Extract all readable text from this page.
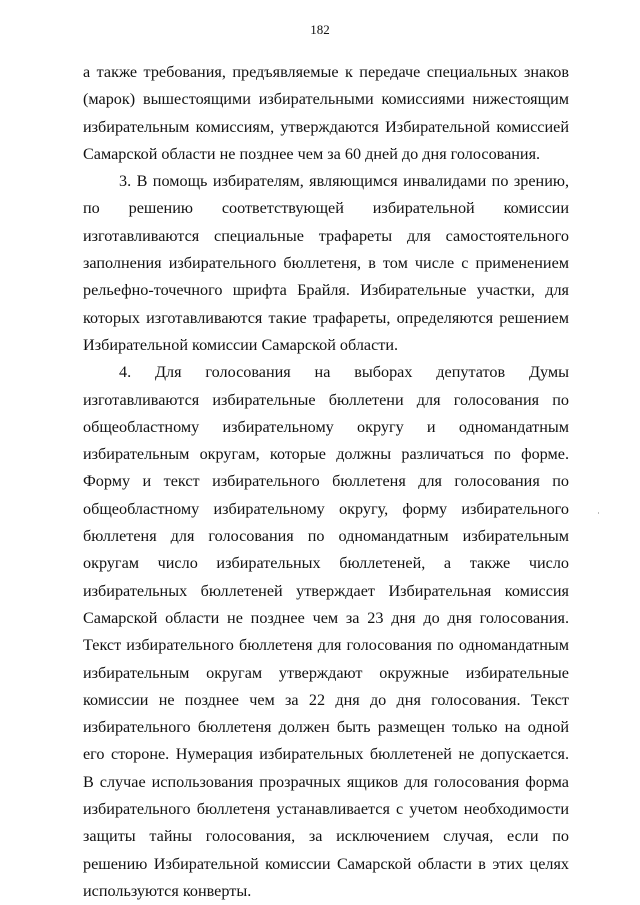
182

а также требования, предъявляемые к передаче специальных знаков (марок) вышестоящими избирательными комиссиями нижестоящим избирательным комиссиям, утверждаются Избирательной комиссией Самарской области не позднее чем за 60 дней до дня голосования.

3. В помощь избирателям, являющимся инвалидами по зрению, по решению соответствующей избирательной комиссии изготавливаются специальные трафареты для самостоятельного заполнения избирательного бюллетеня, в том числе с применением рельефно-точечного шрифта Брайля. Избирательные участки, для которых изготавливаются такие трафареты, определяются решением Избирательной комиссии Самарской области.

4. Для голосования на выборах депутатов Думы изготавливаются избирательные бюллетени для голосования по общеобластному избирательному округу и одномандатным избирательным округам, которые должны различаться по форме. Форму и текст избирательного бюллетеня для голосования по общеобластному избирательному округу, форму избирательного бюллетеня для голосования по одномандатным избирательным округам число избирательных бюллетеней, а также число избирательных бюллетеней утверждает Избирательная комиссия Самарской области не позднее чем за 23 дня до дня голосования. Текст избирательного бюллетеня для голосования по одномандатным избирательным округам утверждают окружные избирательные комиссии не позднее чем за 22 дня до дня голосования. Текст избирательного бюллетеня должен быть размещен только на одной его стороне. Нумерация избирательных бюллетеней не допускается. В случае использования прозрачных ящиков для голосования форма избирательного бюллетеня устанавливается с учетом необходимости защиты тайны голосования, за исключением случая, если по решению Избирательной комиссии Самарской области в этих целях используются конверты.
